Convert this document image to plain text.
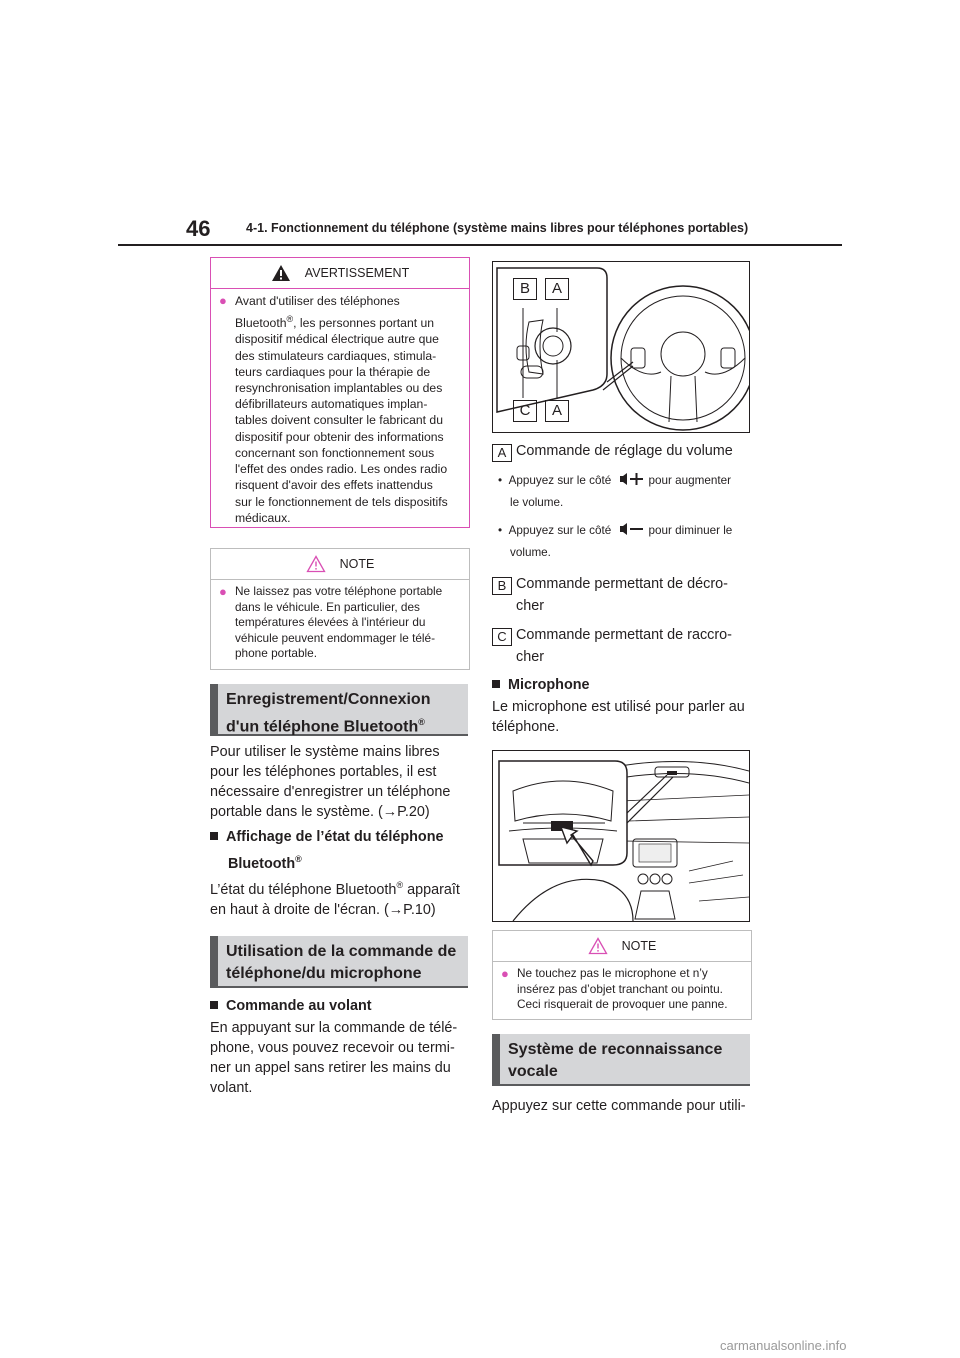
46	4-1. Fonctionnement du téléphone (système mains libres pour téléphones portables)
AVERTISSEMENT
● Avant d'utiliser des téléphones
Bluetooth®, les personnes portant un
dispositif médical électrique autre que
des stimulateurs cardiaques, stimula-
teurs cardiaques pour la thérapie de
resynchronisation implantables ou des
défibrillateurs automatiques implan-
tables doivent consulter le fabricant du
dispositif pour obtenir des informations
concernant son fonctionnement sous
l'effet des ondes radio. Les ondes radio
risquent d'avoir des effets inattendus
sur le fonctionnement de tels dispositifs
médicaux.
NOTE
● Ne laissez pas votre téléphone portable
dans le véhicule. En particulier, des
températures élevées à l'intérieur du
véhicule peuvent endommager le télé-
phone portable.
Enregistrement/Connexion
d'un téléphone Bluetooth®
Pour utiliser le système mains libres
pour les téléphones portables, il est
nécessaire d'enregistrer un téléphone
portable dans le système. (→P.20)
Affichage de l’état du téléphone
Bluetooth®
L’état du téléphone Bluetooth® apparaît
en haut à droite de l'écran. (→P.10)
Utilisation de la commande de
téléphone/du microphone
Commande au volant
En appuyant sur la commande de télé-
phone, vous pouvez recevoir ou termi-
ner un appel sans retirer les mains du
volant.
B	A
C	A
A Commande de réglage du volume
• Appuyez sur le côté	pour augmenter
le volume.
• Appuyez sur le côté	pour diminuer le
volume.
B Commande permettant de décro-
cher
C Commande permettant de raccro-
cher
Microphone
Le microphone est utilisé pour parler au
téléphone.
NOTE
● Ne touchez pas le microphone et n’y
insérez pas d’objet tranchant ou pointu.
Ceci risquerait de provoquer une panne.
Système de reconnaissance
vocale
Appuyez sur cette commande pour utili-
carmanualsonline.info
